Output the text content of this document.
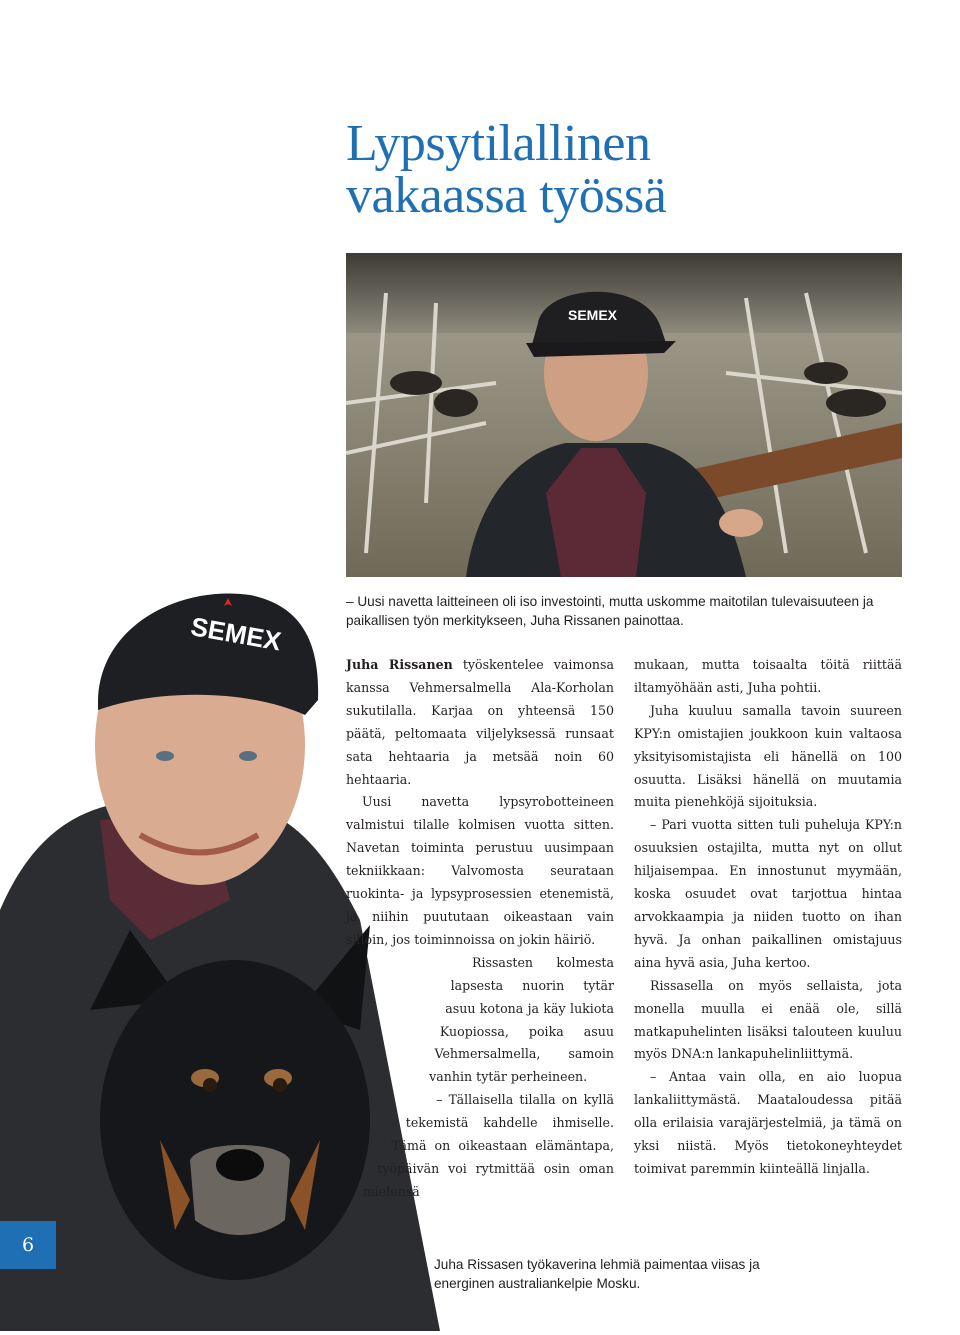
Lypsytilallinen
vakaassa työssä
SEMEX

– Uusi navetta laitteineen oli iso investointi, mutta uskomme maitotilan tulevaisuuteen ja paikallisen työn merkitykseen, Juha Rissanen painottaa.

SEMEX

Juha Rissanen työskentelee vaimonsa kanssa Vehmersalmella Ala-Korholan sukutilalla. Karjaa on yhteensä 150 päätä, peltomaata viljelyksessä runsaat sata hehtaaria ja metsää noin 60 hehtaaria.

Uusi navetta lypsyrobotteineen valmistui tilalle kolmisen vuotta sitten. Navetan toiminta perustuu uusimpaan tekniikkaan: Valvomosta seurataan ruokinta- ja lypsyprosessien etenemistä, ja niihin puututaan oikeastaan vain silloin, jos toiminnoissa on jokin häiriö.

Rissasten kolmesta lapsesta nuorin tytär asuu kotona ja käy lukiota Kuopiossa, poika asuu Vehmersalmella, samoin vanhin tytär perheineen.

– Tällaisella tilalla on kyllä tekemistä kahdelle ihmiselle. Tämä on oikeastaan elämäntapa, työpäivän voi rytmittää osin oman mielensä

mukaan, mutta toisaalta töitä riittää iltamyöhään asti, Juha pohtii.

Juha kuuluu samalla tavoin suureen KPY:n omistajien joukkoon kuin valtaosa yksityisomistajista eli hänellä on 100 osuutta. Lisäksi hänellä on muutamia muita pienehköjä sijoituksia.

– Pari vuotta sitten tuli puheluja KPY:n osuuksien ostajilta, mutta nyt on ollut hiljaisempaa. En innostunut myymään, koska osuudet ovat tarjottua hintaa arvokkaampia ja niiden tuotto on ihan hyvä. Ja onhan paikallinen omistajuus aina hyvä asia, Juha kertoo.

Rissasella on myös sellaista, jota monella muulla ei enää ole, sillä matkapuhelinten lisäksi talouteen kuuluu myös DNA:n lankapuhelinliittymä.

– Antaa vain olla, en aio luopua lankaliittymästä. Maataloudessa pitää olla erilaisia varajärjestelmiä, ja tämä on yksi niistä. Myös tietokoneyhteydet toimivat paremmin kiinteällä linjalla.

6

Juha Rissasen työkaverina lehmiä paimentaa viisas ja energinen australiankelpie Mosku.
